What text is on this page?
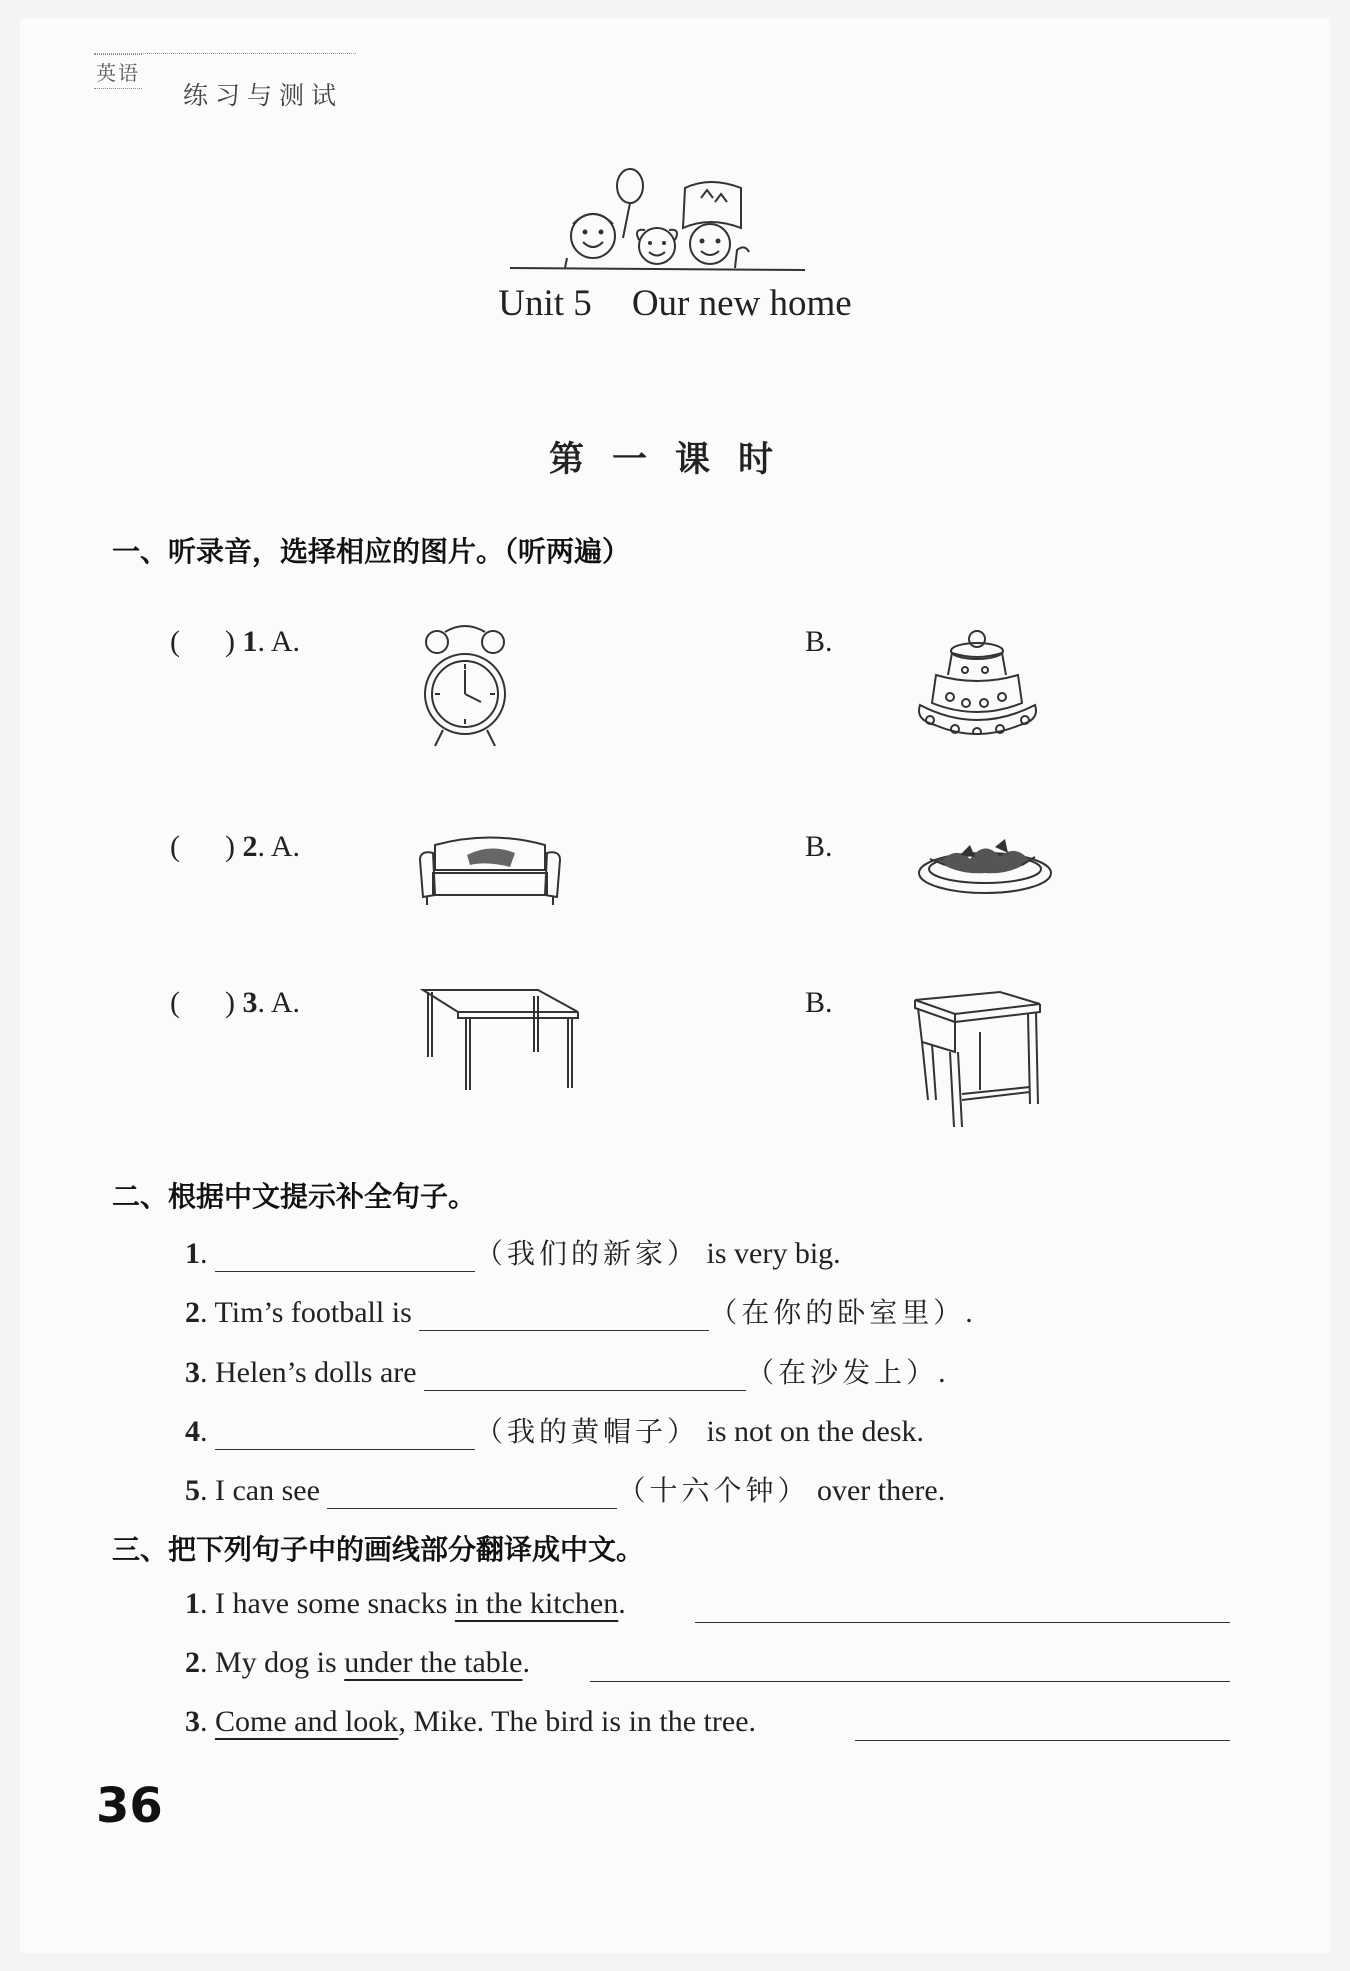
英语
练习与测试
Unit 5 Our new home
第一课时
一、听录音，选择相应的图片。（听两遍）
(      ) 1. A.	B.
(      ) 2. A.	B.
(      ) 3. A.	B.
二、根据中文提示补全句子。
1.	（我们的新家） is very big.
2. Tim’s football is	（在你的卧室里）.
3. Helen’s dolls are	（在沙发上）.
4.	（我的黄帽子） is not on the desk.
5. I can see	（十六个钟） over there.
三、把下列句子中的画线部分翻译成中文。
1. I have some snacks in the kitchen.
2. My dog is under the table.
3. Come and look, Mike. The bird is in the tree.
36
